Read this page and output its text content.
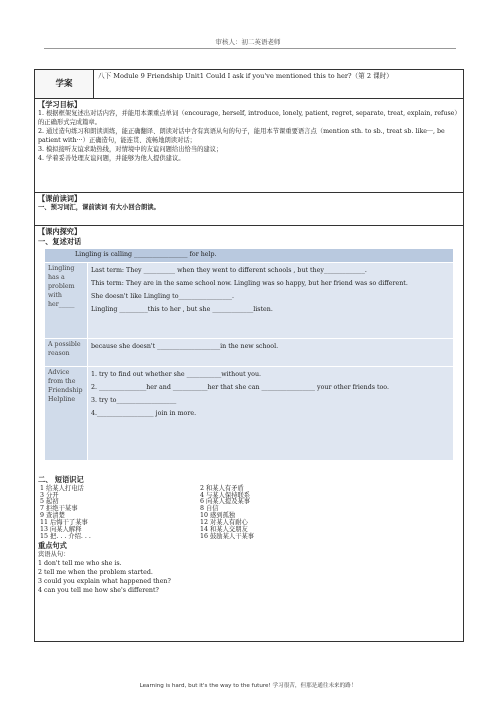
审核人：初二英语老师
学案
八下 Module 9 Friendship Unit1 Could I ask if you've mentioned this to her?（第 2 课时）
【学习目标】
1. 根据框架复述出对话内容，并能用本课重点单词（encourage, herself, introduce, lonely, patient, regret, separate, treat, explain, refuse）的正确形式完成篇章。
2. 通过造句练习和朗读训练，能正确翻译、朗读对话中含有宾语从句的句子，能用本节课重要语言点（mention sth. to sb., treat sb. like···, be patient with···）正确造句，能连贯、流畅地朗读对话；
3. 模拟接听友谊求助热线，对情境中的友谊问题给出恰当的建议；
4. 学着妥善处理友谊问题，并能够为他人提供建议。
【课前读词】
一、预习词汇，课前读词 有大小回合朗读。
【课内探究】
一、复述对话
Lingling is calling _________________ for help.	
Lingling has a problem with her_____	Last term: They __________ when they went to different schools , but they_____________.
This term: They are in the same school now. Lingling was so happy, but her friend was so different.
She doesn't like Lingling to_________________.
Lingling _________this to her , but she _____________listen.

A possible reason	because she doesn't ____________________in the new school.

Advice from the Friendship Helpline	1. try to find out whether she ___________without you.
2. _______________her and ___________her that she can _________________ your other friends too.
3. try to___________________
4.__________________ join in more.
二、 短语识记
1 给某人打电话	2 和某人有矛盾
3 分开	4 与某人保持联系
5 起初	6 向某人提及某事
7 拒绝干某事	8 自信
9 查清楚	10 感到孤独
11 后悔干了某事	12 对某人有耐心
13 向某人解释	14 和某人交朋友
15 把. . . 介绍. . .	16 鼓励某人干某事
重点句式
宾语从句：
1 don't tell me who she is.
2 tell me when the problem started.
3 could you explain what happened then?
4 can you tell me how she's different?
Learning is hard, but it's the way to the future! 学习很苦，但那是通往未来的路！
